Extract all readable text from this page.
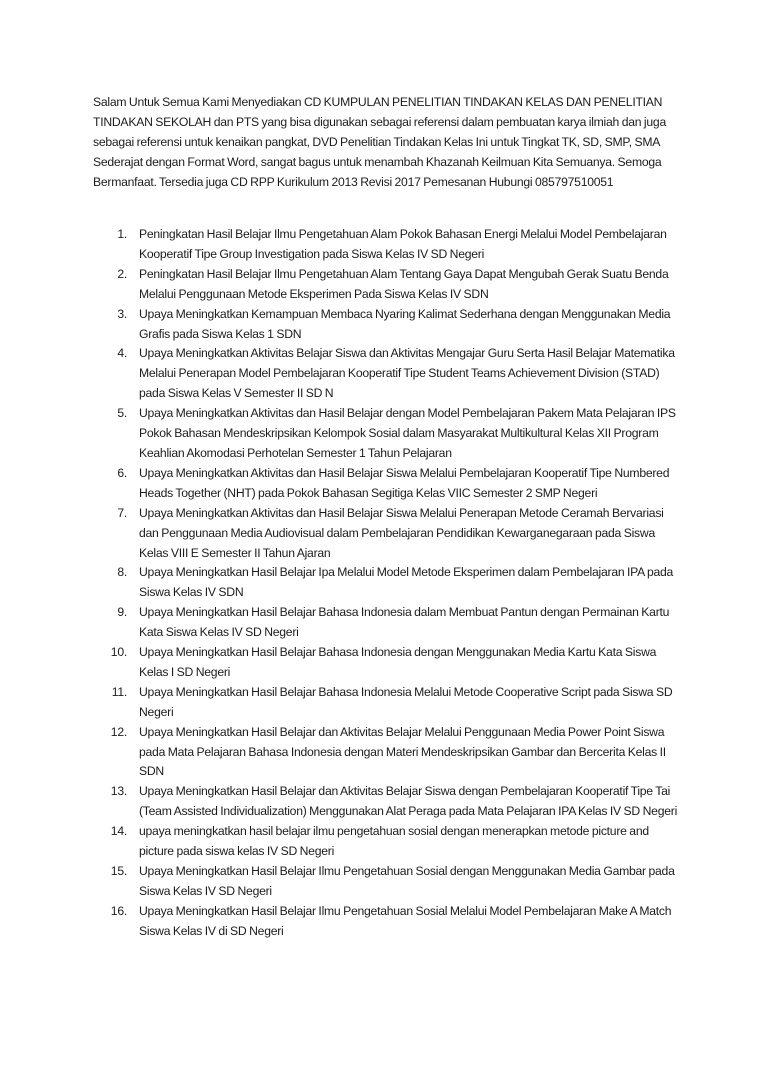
Salam Untuk Semua Kami Menyediakan CD KUMPULAN PENELITIAN TINDAKAN KELAS DAN PENELITIAN TINDAKAN SEKOLAH dan PTS yang bisa digunakan sebagai referensi dalam pembuatan karya ilmiah dan juga sebagai referensi untuk kenaikan pangkat, DVD Penelitian Tindakan Kelas Ini untuk Tingkat TK, SD, SMP, SMA Sederajat dengan Format Word, sangat bagus untuk menambah Khazanah Keilmuan Kita Semuanya. Semoga Bermanfaat. Tersedia juga CD RPP Kurikulum 2013 Revisi 2017 Pemesanan Hubungi 085797510051

1. Peningkatan Hasil Belajar Ilmu Pengetahuan Alam Pokok Bahasan Energi Melalui Model Pembelajaran Kooperatif Tipe Group Investigation pada Siswa Kelas IV SD Negeri
2. Peningkatan Hasil Belajar Ilmu Pengetahuan Alam Tentang Gaya Dapat Mengubah Gerak Suatu Benda Melalui Penggunaan Metode Eksperimen Pada Siswa Kelas IV SDN
3. Upaya Meningkatkan Kemampuan Membaca Nyaring Kalimat Sederhana dengan Menggunakan Media Grafis pada Siswa Kelas 1 SDN
4. Upaya Meningkatkan Aktivitas Belajar Siswa dan Aktivitas Mengajar Guru Serta Hasil Belajar Matematika Melalui Penerapan Model Pembelajaran Kooperatif Tipe Student Teams Achievement Division (STAD) pada Siswa Kelas V Semester II SD N
5. Upaya Meningkatkan Aktivitas dan Hasil Belajar dengan Model Pembelajaran Pakem Mata Pelajaran IPS Pokok Bahasan Mendeskripsikan Kelompok Sosial dalam Masyarakat Multikultural Kelas XII Program Keahlian Akomodasi Perhotelan Semester 1 Tahun Pelajaran
6. Upaya Meningkatkan Aktivitas dan Hasil Belajar Siswa Melalui Pembelajaran Kooperatif Tipe Numbered Heads Together (NHT) pada Pokok Bahasan Segitiga Kelas VIIC Semester 2 SMP Negeri
7. Upaya Meningkatkan Aktivitas dan Hasil Belajar Siswa Melalui Penerapan Metode Ceramah Bervariasi dan Penggunaan Media Audiovisual dalam Pembelajaran Pendidikan Kewarganegaraan pada Siswa Kelas VIII E Semester II Tahun Ajaran
8. Upaya Meningkatkan Hasil Belajar Ipa Melalui Model Metode Eksperimen dalam Pembelajaran IPA pada Siswa Kelas IV SDN
9. Upaya Meningkatkan Hasil Belajar Bahasa Indonesia dalam Membuat Pantun dengan Permainan Kartu Kata Siswa Kelas IV SD Negeri
10. Upaya Meningkatkan Hasil Belajar Bahasa Indonesia dengan Menggunakan Media Kartu Kata Siswa Kelas I SD Negeri
11. Upaya Meningkatkan Hasil Belajar Bahasa Indonesia Melalui Metode Cooperative Script pada Siswa SD Negeri
12. Upaya Meningkatkan Hasil Belajar dan Aktivitas Belajar Melalui Penggunaan Media Power Point Siswa pada Mata Pelajaran Bahasa Indonesia dengan Materi Mendeskripsikan Gambar dan Bercerita Kelas II SDN
13. Upaya Meningkatkan Hasil Belajar dan Aktivitas Belajar Siswa dengan Pembelajaran Kooperatif Tipe Tai (Team Assisted Individualization) Menggunakan Alat Peraga pada Mata Pelajaran IPA Kelas IV SD Negeri
14. upaya meningkatkan hasil belajar ilmu pengetahuan sosial dengan menerapkan metode picture and picture pada siswa kelas IV SD Negeri
15. Upaya Meningkatkan Hasil Belajar Ilmu Pengetahuan Sosial dengan Menggunakan Media Gambar pada Siswa Kelas IV SD Negeri
16. Upaya Meningkatkan Hasil Belajar Ilmu Pengetahuan Sosial Melalui Model Pembelajaran Make A Match Siswa Kelas IV di SD Negeri
